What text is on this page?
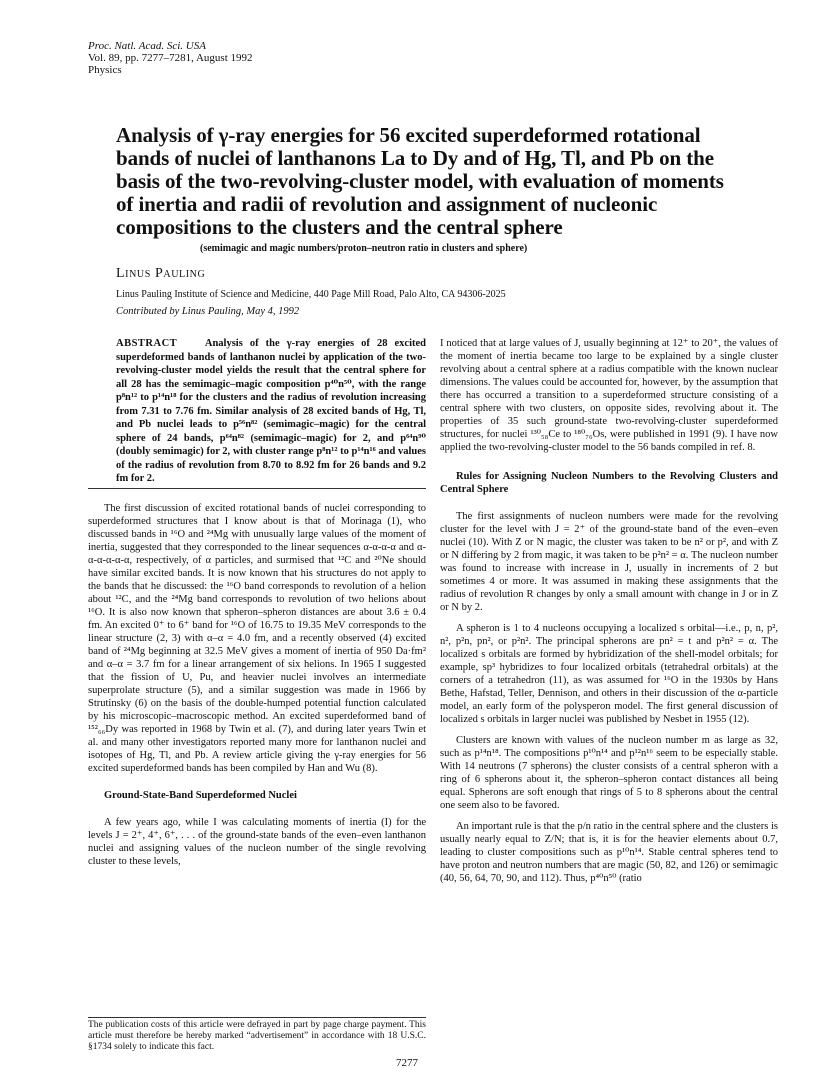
Proc. Natl. Acad. Sci. USA
Vol. 89, pp. 7277–7281, August 1992
Physics
Analysis of γ-ray energies for 56 excited superdeformed rotational bands of nuclei of lanthanons La to Dy and of Hg, Tl, and Pb on the basis of the two-revolving-cluster model, with evaluation of moments of inertia and radii of revolution and assignment of nucleonic compositions to the clusters and the central sphere
(semimagic and magic numbers/proton–neutron ratio in clusters and sphere)
Linus Pauling
Linus Pauling Institute of Science and Medicine, 440 Page Mill Road, Palo Alto, CA 94306-2025
Contributed by Linus Pauling, May 4, 1992
ABSTRACT	Analysis of the γ-ray energies of 28 excited superdeformed bands of lanthanon nuclei by application of the two-revolving-cluster model yields the result that the central sphere for all 28 has the semimagic–magic composition p⁴⁰n⁵⁰, with the range p⁸n¹² to p¹⁴n¹⁸ for the clusters and the radius of revolution increasing from 7.31 to 7.76 fm. Similar analysis of 28 excited bands of Hg, Tl, and Pb nuclei leads to p⁵⁶n⁸² (semimagic–magic) for the central sphere of 24 bands, p⁶⁴n⁸² (semimagic–magic) for 2, and p⁶⁴n⁹⁰ (doubly semimagic) for 2, with cluster range p⁸n¹² to p¹⁴n¹⁶ and values of the radius of revolution from 8.70 to 8.92 fm for 26 bands and 9.2 fm for 2.

The first discussion of excited rotational bands of nuclei corresponding to superdeformed structures that I know about is that of Morinaga (1), who discussed bands in ¹⁶O and ²⁴Mg with unusually large values of the moment of inertia, suggested that they corresponded to the linear sequences α-α-α-α and α-α-α-α-α-α, respectively, of α particles, and surmised that ¹²C and ²⁰Ne should have similar excited bands. It is now known that his structures do not apply to the bands that he discussed: the ¹⁶O band corresponds to revolution of a helion about ¹²C, and the ²⁴Mg band corresponds to revolution of two helions about ¹⁶O. It is also now known that spheron–spheron distances are about 3.6 ± 0.4 fm. An excited 0⁺ to 6⁺ band for ¹⁶O of 16.75 to 19.35 MeV corresponds to the linear structure (2, 3) with α–α = 4.0 fm, and a recently observed (4) excited band of ²⁴Mg beginning at 32.5 MeV gives a moment of inertia of 950 Da·fm² and α–α = 3.7 fm for a linear arrangement of six helions. In 1965 I suggested that the fission of U, Pu, and heavier nuclei involves an intermediate superprolate structure (5), and a similar suggestion was made in 1966 by Strutinsky (6) on the basis of the double-humped potential function calculated by his microscopic–macroscopic method. An excited superdeformed band of ¹⁵²₆₆Dy was reported in 1968 by Twin et al. (7), and during later years Twin et al. and many other investigators reported many more for lanthanon nuclei and isotopes of Hg, Tl, and Pb. A review article giving the γ-ray energies for 56 excited superdeformed bands has been compiled by Han and Wu (8).

Ground-State-Band Superdeformed Nuclei

A few years ago, while I was calculating moments of inertia (I) for the levels J = 2⁺, 4⁺, 6⁺, . . . of the ground-state bands of the even–even lanthanon nuclei and assigning values of the nucleon number of the single revolving cluster to these levels,

The publication costs of this article were defrayed in part by page charge payment. This article must therefore be hereby marked “advertisement” in accordance with 18 U.S.C. §1734 solely to indicate this fact.

I noticed that at large values of J, usually beginning at 12⁺ to 20⁺, the values of the moment of inertia became too large to be explained by a single cluster revolving about a central sphere at a radius compatible with the known nuclear dimensions. The values could be accounted for, however, by the assumption that there has occurred a transition to a superdeformed structure consisting of a central sphere with two clusters, on opposite sides, revolving about it. The properties of 35 such ground-state two-revolving-cluster superdeformed structures, for nuclei ¹³⁰₅₈Ce to ¹⁸⁰₇₆Os, were published in 1991 (9). I have now applied the two-revolving-cluster model to the 56 bands compiled in ref. 8.

Rules for Assigning Nucleon Numbers to the Revolving Clusters and Central Sphere

The first assignments of nucleon numbers were made for the revolving cluster for the level with J = 2⁺ of the ground-state band of the even–even nuclei (10). With Z or N magic, the cluster was taken to be n² or p², and with Z or N differing by 2 from magic, it was taken to be p²n² = α. The nucleon number was found to increase with increase in J, usually in increments of 2 but sometimes 4 or more. It was assumed in making these assignments that the radius of revolution R changes by only a small amount with change in J or in Z or N by 2.

A spheron is 1 to 4 nucleons occupying a localized s orbital—i.e., p, n, p², n², p²n, pn², or p²n². The principal spherons are pn² = t and p²n² = α. The localized s orbitals are formed by hybridization of the shell-model orbitals; for example, sp³ hybridizes to four localized orbitals (tetrahedral orbitals) at the corners of a tetrahedron (11), as was assumed for ¹⁶O in the 1930s by Hans Bethe, Hafstad, Teller, Dennison, and others in their discussion of the α-particle model, an early form of the polysperon model. The first general discussion of localized s orbitals in larger nuclei was published by Nesbet in 1955 (12).

Clusters are known with values of the nucleon number m as large as 32, such as p¹⁴n¹⁸. The compositions p¹⁰n¹⁴ and p¹²n¹⁶ seem to be especially stable. With 14 neutrons (7 spherons) the cluster consists of a central spheron with a ring of 6 spherons about it, the spheron–spheron contact distances all being equal. Spherons are soft enough that rings of 5 to 8 spherons about the central one seem also to be favored.

An important rule is that the p/n ratio in the central sphere and the clusters is usually nearly equal to Z/N; that is, it is for the heavier elements about 0.7, leading to cluster compositions such as p¹⁰n¹⁴. Stable central spheres tend to have proton and neutron numbers that are magic (50, 82, and 126) or semimagic (40, 56, 64, 70, 90, and 112). Thus, p⁴⁰n⁵⁰ (ratio

7277
